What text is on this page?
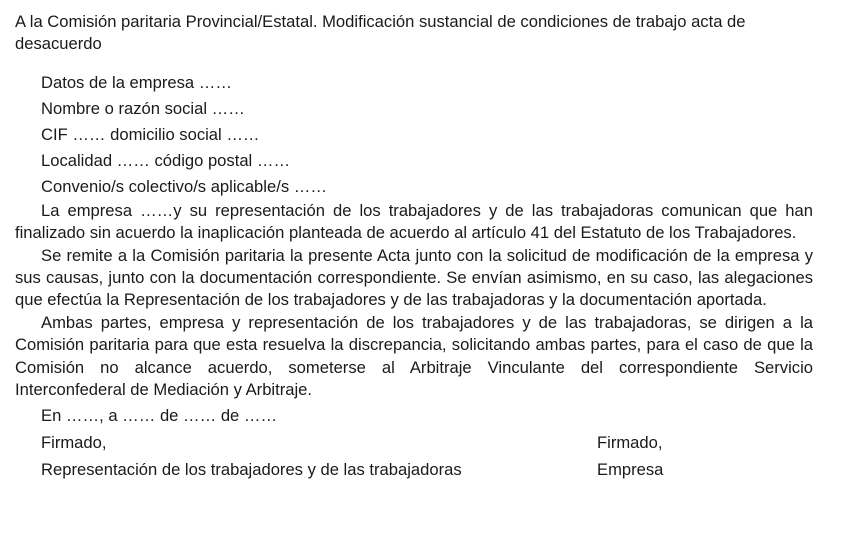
A la Comisión paritaria Provincial/Estatal. Modificación sustancial de condiciones de trabajo acta de desacuerdo

Datos de la empresa ……

Nombre o razón social ……

CIF …… domicilio social ……

Localidad …… código postal ……

Convenio/s colectivo/s aplicable/s ……

La empresa ……y su representación de los trabajadores y de las trabajadoras comunican que han finalizado sin acuerdo la inaplicación planteada de acuerdo al artículo 41 del Estatuto de los Trabajadores.

Se remite a la Comisión paritaria la presente Acta junto con la solicitud de modificación de la empresa y sus causas, junto con la documentación correspondiente. Se envían asimismo, en su caso, las alegaciones que efectúa la Representación de los trabajadores y de las trabajadoras y la documentación aportada.

Ambas partes, empresa y representación de los trabajadores y de las trabajadoras, se dirigen a la Comisión paritaria para que esta resuelva la discrepancia, solicitando ambas partes, para el caso de que la Comisión no alcance acuerdo, someterse al Arbitraje Vinculante del correspondiente Servicio Interconfederal de Mediación y Arbitraje.

En ……, a …… de …… de ……
Firmado,	Firmado,
Representación de los trabajadores y de las trabajadoras	Empresa
